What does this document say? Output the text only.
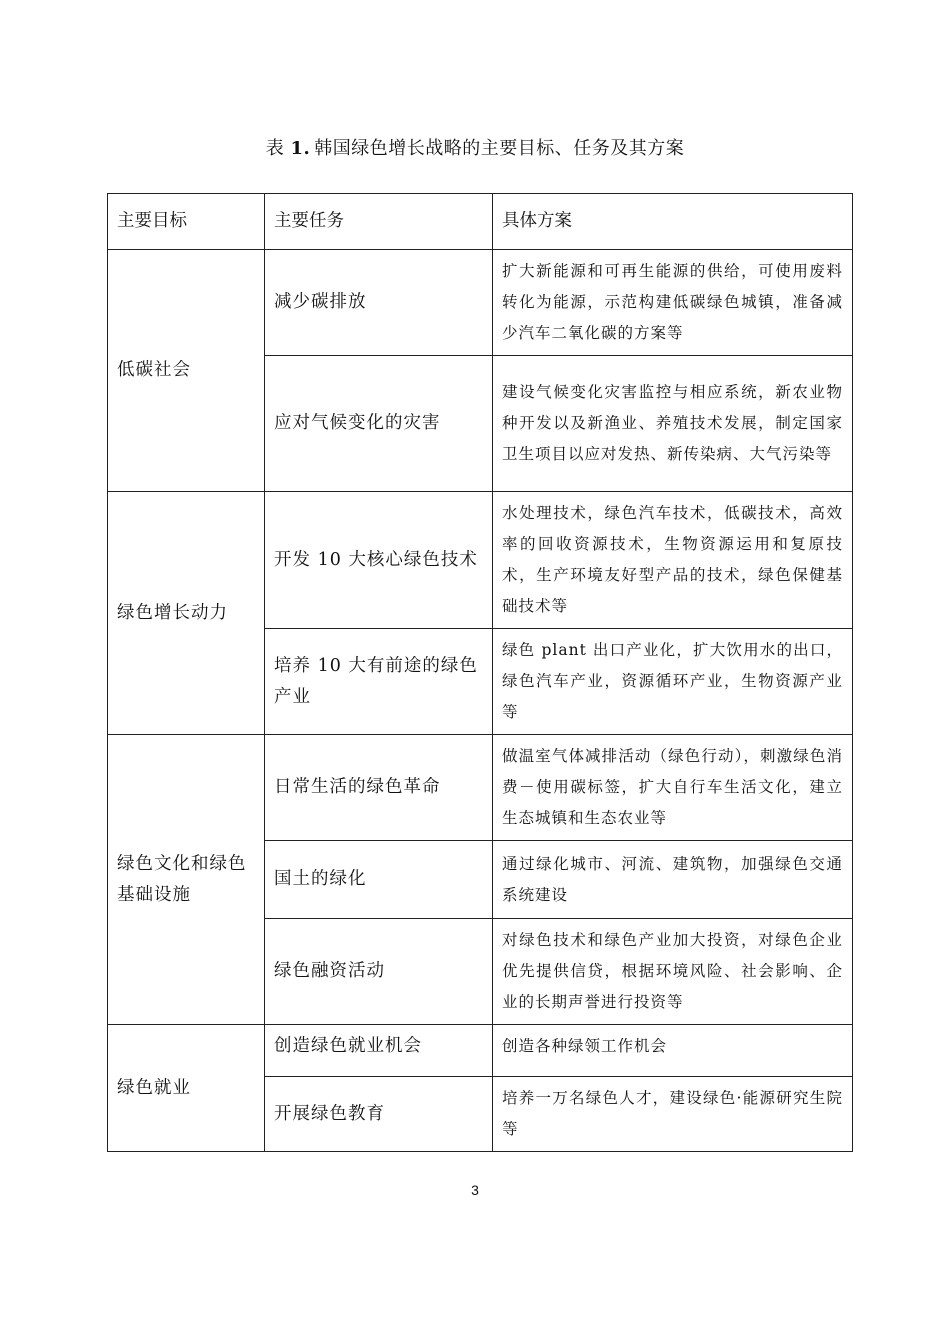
表 1. 韩国绿色增长战略的主要目标、任务及其方案
主要目标	主要任务	具体方案
低碳社会	减少碳排放	扩大新能源和可再生能源的供给，可使用废料转化为能源，示范构建低碳绿色城镇，准备减少汽车二氧化碳的方案等
	应对气候变化的灾害	建设气候变化灾害监控与相应系统，新农业物种开发以及新渔业、养殖技术发展，制定国家卫生项目以应对发热、新传染病、大气污染等
绿色增长动力	开发 10 大核心绿色技术	水处理技术，绿色汽车技术，低碳技术，高效率的回收资源技术，生物资源运用和复原技术，生产环境友好型产品的技术，绿色保健基础技术等
	培养 10 大有前途的绿色产业	绿色 plant 出口产业化，扩大饮用水的出口，绿色汽车产业，资源循环产业，生物资源产业等
绿色文化和绿色基础设施	日常生活的绿色革命	做温室气体减排活动（绿色行动），刺激绿色消费－使用碳标签，扩大自行车生活文化，建立生态城镇和生态农业等
	国土的绿化	通过绿化城市、河流、建筑物，加强绿色交通系统建设
	绿色融资活动	对绿色技术和绿色产业加大投资，对绿色企业优先提供信贷，根据环境风险、社会影响、企业的长期声誉进行投资等
绿色就业	创造绿色就业机会	创造各种绿领工作机会
	开展绿色教育	培养一万名绿色人才，建设绿色·能源研究生院等
3
